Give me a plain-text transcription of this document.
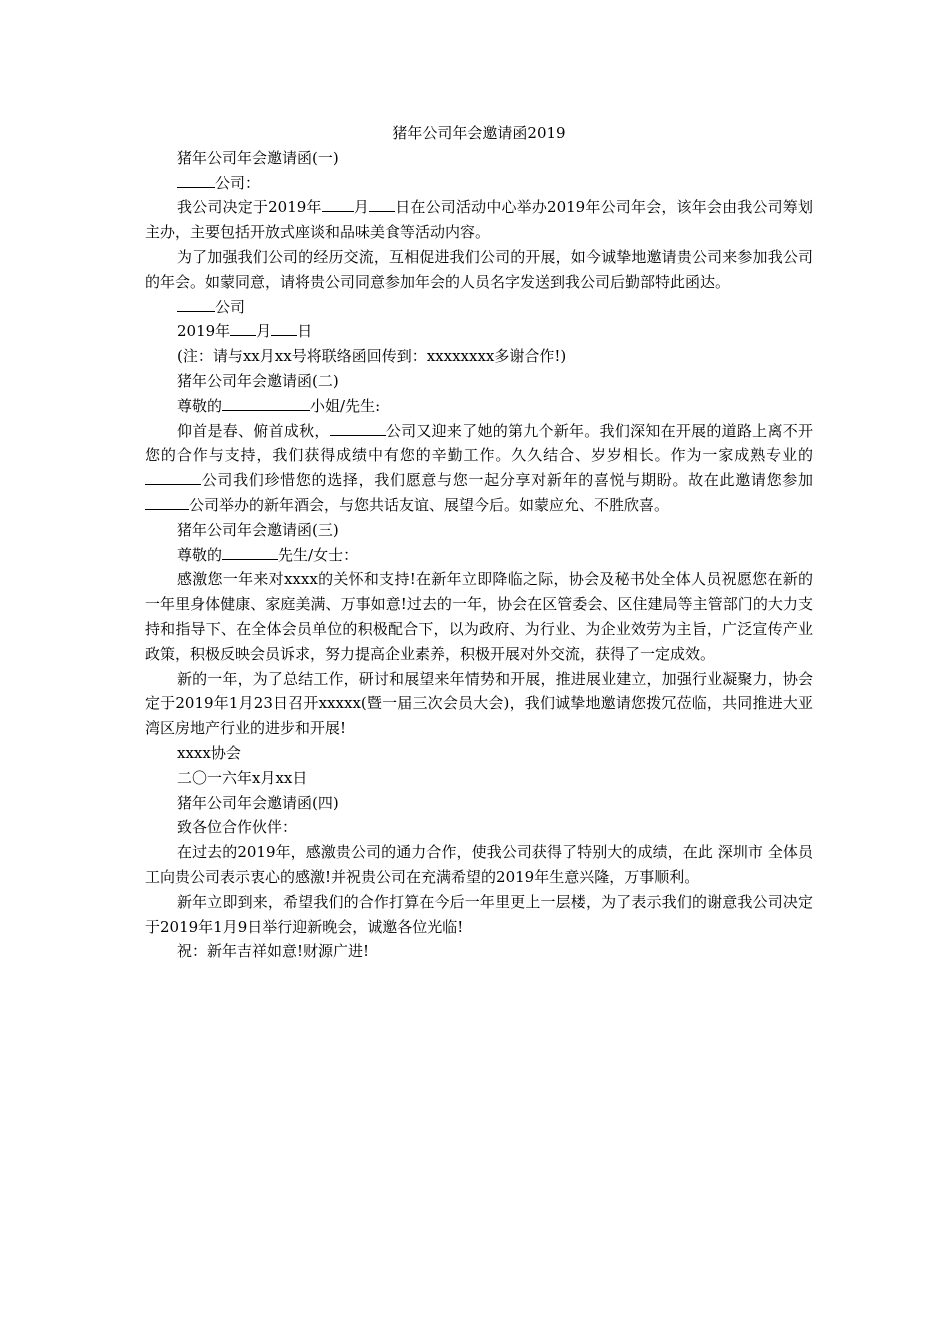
猪年公司年会邀请函2019

猪年公司年会邀请函(一)

公司：

我公司决定于2019年 月 日在公司活动中心举办2019年公司年会，该年会由我公司筹划主办，主要包括开放式座谈和品味美食等活动内容。

为了加强我们公司的经历交流，互相促进我们公司的开展，如今诚挚地邀请贵公司来参加我公司的年会。如蒙同意，请将贵公司同意参加年会的人员名字发送到我公司后勤部特此函达。

公司

2019年 月 日

(注：请与xx月xx号将联络函回传到：xxxxxxxx多谢合作!)

猪年公司年会邀请函(二)

尊敬的	小姐/先生:

仰首是春、俯首成秋，	公司又迎来了她的第九个新年。我们深知在开展的道路上离不开您的合作与支持，我们获得成绩中有您的辛勤工作。久久结合、岁岁相长。作为一家成熟专业的公司我们珍惜您的选择，我们愿意与您一起分享对新年的喜悦与期盼。故在此邀请您参加公司举办的新年酒会，与您共话友谊、展望今后。如蒙应允、不胜欣喜。

猪年公司年会邀请函(三)

尊敬的	先生/女士：

感激您一年来对xxxx的关怀和支持!在新年立即降临之际，协会及秘书处全体人员祝愿您在新的一年里身体健康、家庭美满、万事如意!过去的一年，协会在区管委会、区住建局等主管部门的大力支持和指导下、在全体会员单位的积极配合下，以为政府、为行业、为企业效劳为主旨，广泛宣传产业政策，积极反映会员诉求，努力提高企业素养，积极开展对外交流，获得了一定成效。

新的一年，为了总结工作，研讨和展望来年情势和开展，推进展业建立，加强行业凝聚力，协会定于2019年1月23日召开xxxxx(暨一届三次会员大会)，我们诚挚地邀请您拨冗莅临，共同推进大亚湾区房地产行业的进步和开展!

xxxx协会

二〇一六年x月xx日

猪年公司年会邀请函(四)

致各位合作伙伴：

在过去的2019年，感激贵公司的通力合作，使我公司获得了特别大的成绩，在此 深圳市 全体员工向贵公司表示衷心的感激!并祝贵公司在充满希望的2019年生意兴隆，万事顺利。

新年立即到来，希望我们的合作打算在今后一年里更上一层楼，为了表示我们的谢意我公司决定于2019年1月9日举行迎新晚会，诚邀各位光临!

祝：新年吉祥如意!财源广进!
